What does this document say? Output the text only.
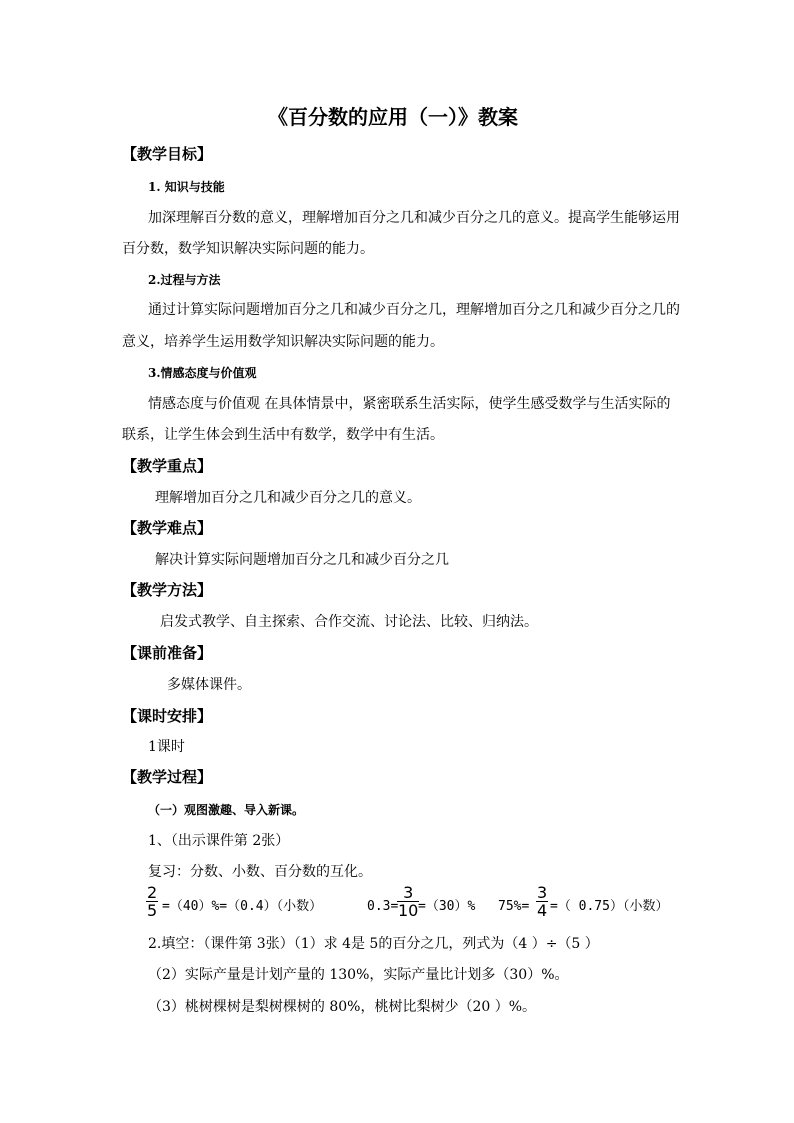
《百分数的应用（一）》教案
【教学目标】
1. 知识与技能
加深理解百分数的意义，理解增加百分之几和减少百分之几的意义。提高学生能够运用
百分数，数学知识解决实际问题的能力。
2.过程与方法
通过计算实际问题增加百分之几和减少百分之几，理解增加百分之几和减少百分之几的
意义，培养学生运用数学知识解决实际问题的能力。
3.情感态度与价值观
情感态度与价值观 在具体情景中，紧密联系生活实际，使学生感受数学与生活实际的
联系，让学生体会到生活中有数学，数学中有生活。
【教学重点】
理解增加百分之几和减少百分之几的意义。
【教学难点】
解决计算实际问题增加百分之几和减少百分之几
【教学方法】
启发式教学、自主探索、合作交流、讨论法、比较、归纳法。
【课前准备】
多媒体课件。
【课时安排】
1课时
【教学过程】
（一）观图激趣、导入新课。
1、（出示课件第 2张）
复习：分数、小数、百分数的互化。
2
5 =（40）%=（0.4）（小数）	0.3=
3
10 =（30）% 75%=
3
4 =（ 0.75）（小数）
2.填空：（课件第 3张）（1）求 4是 5的百分之几，列式为（4 ）÷（5 ）
（2）实际产量是计划产量的 130%，实际产量比计划多（30）%。
（3）桃树棵树是梨树棵树的 80%，桃树比梨树少（20 ）%。
